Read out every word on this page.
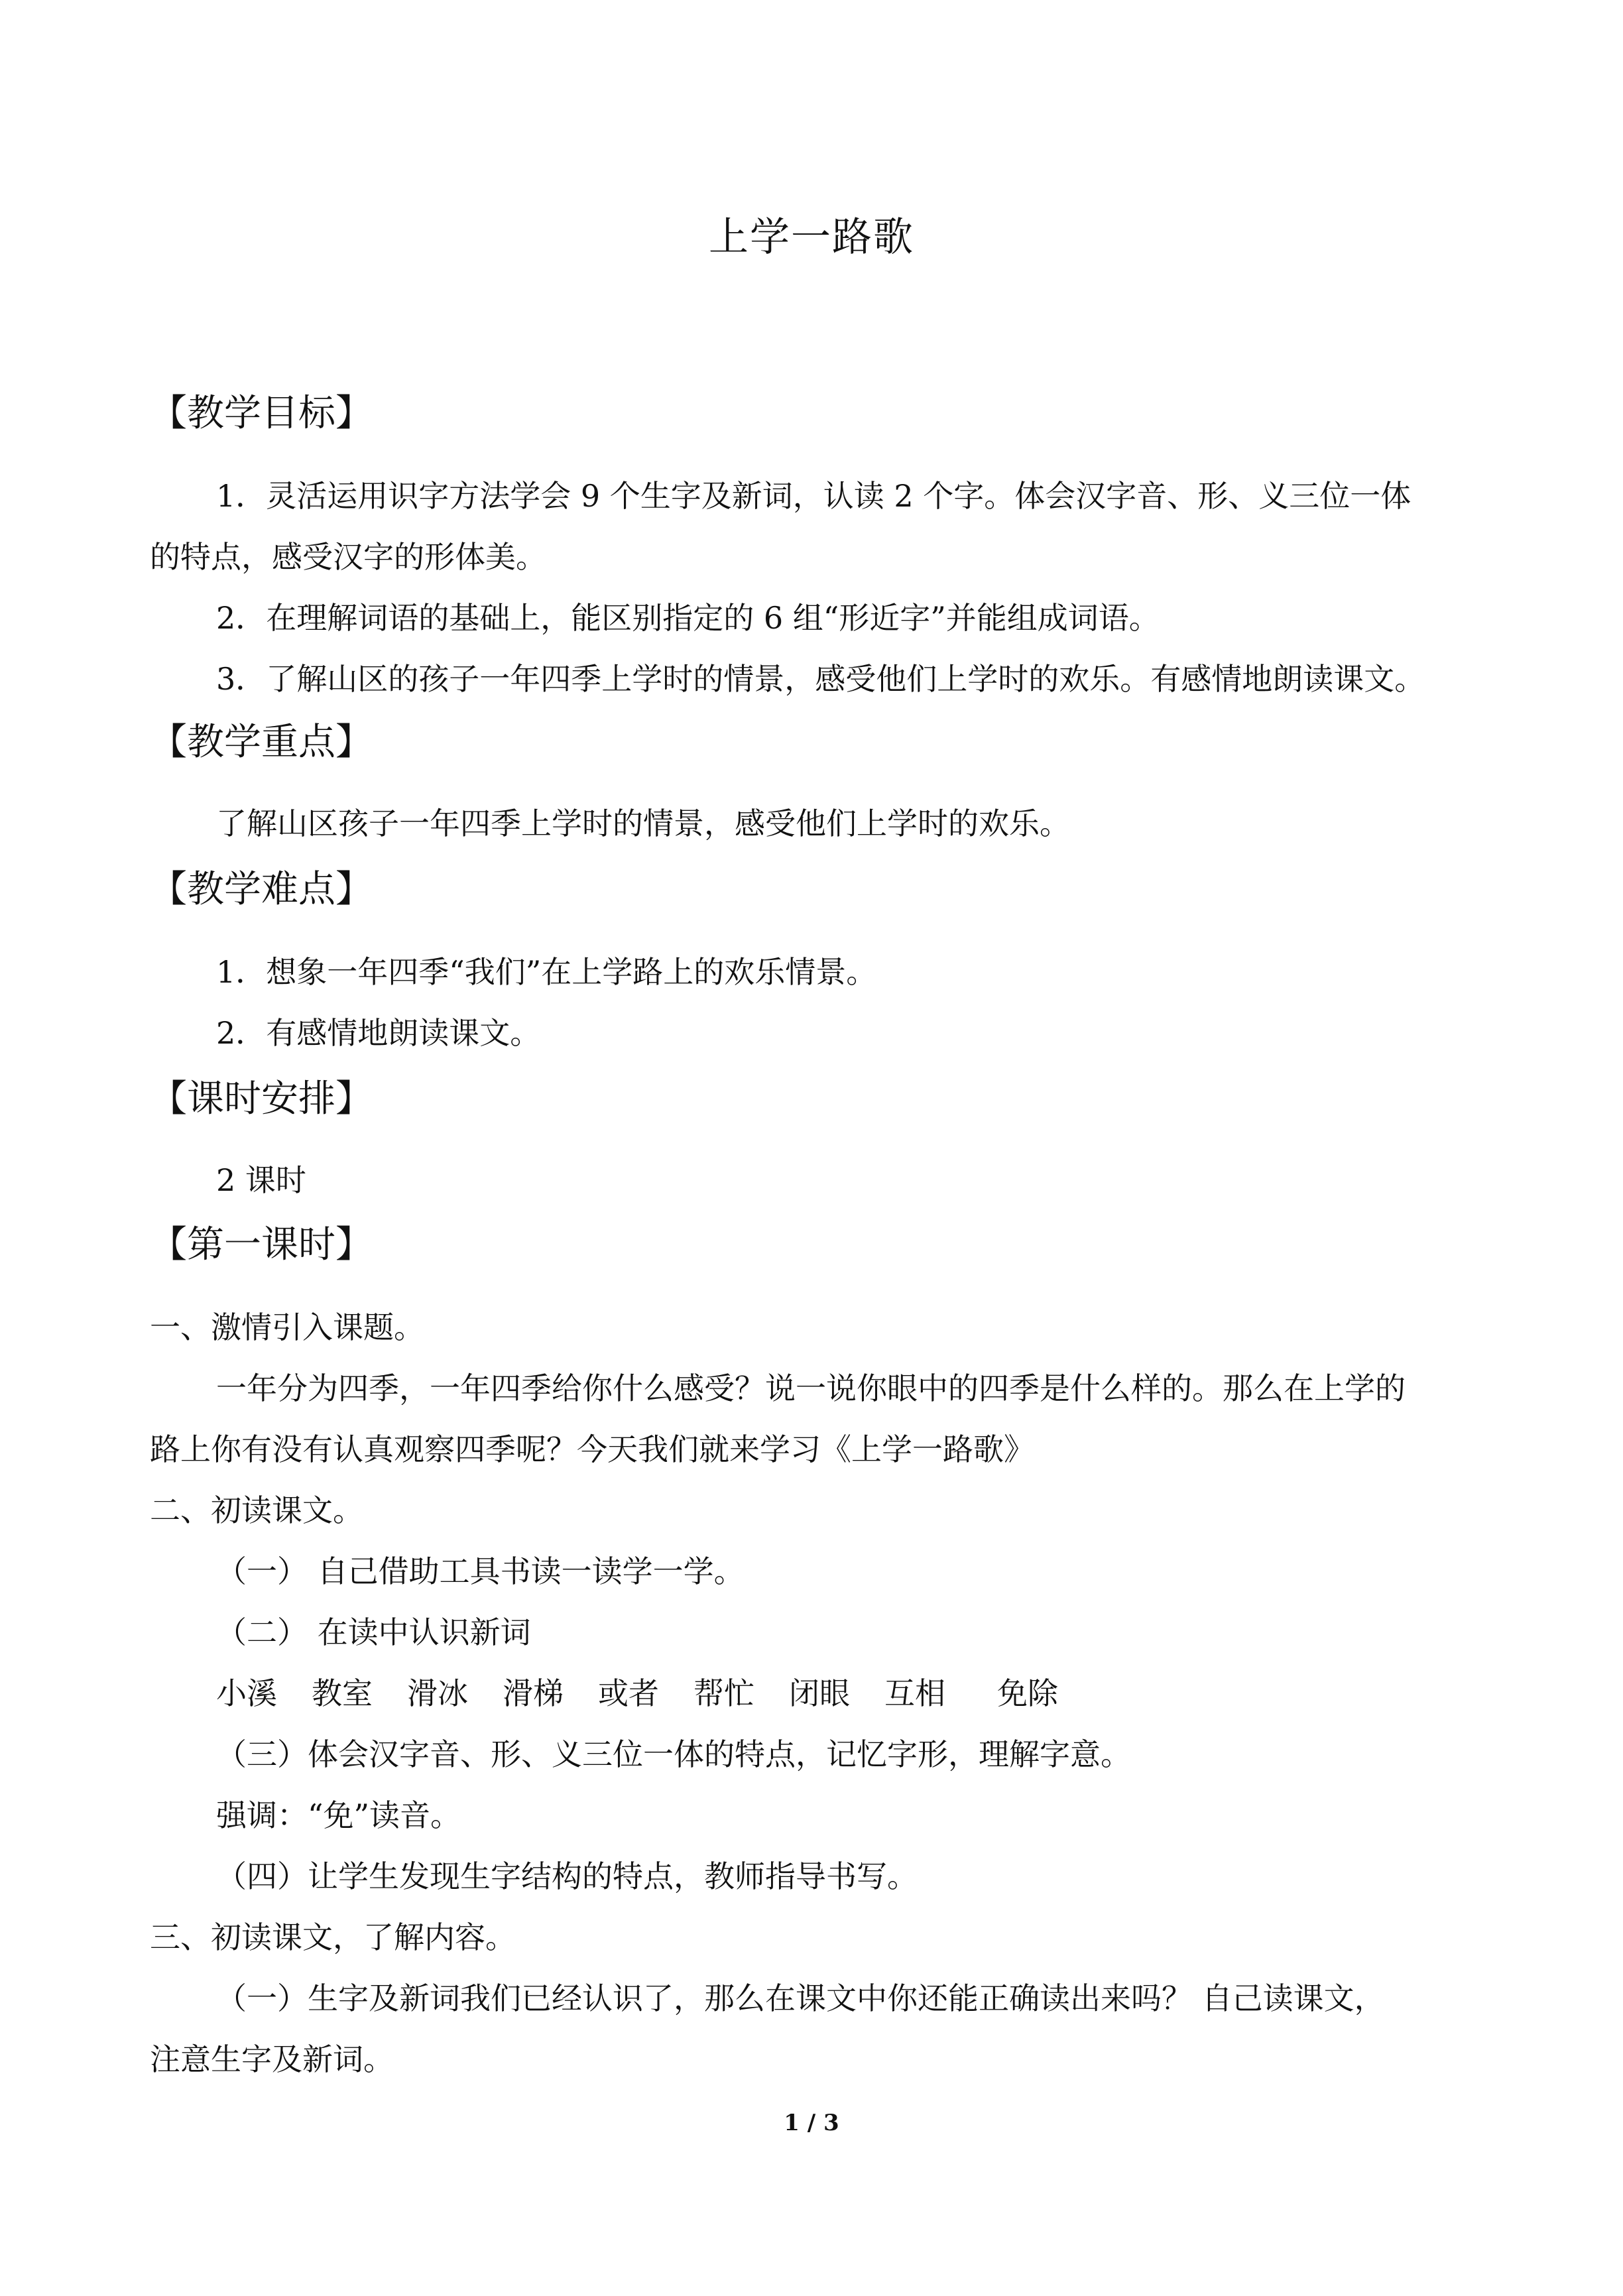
上学一路歌
【教学目标】
1．灵活运用识字方法学会 9 个生字及新词，认读 2 个字。体会汉字音、形、义三位一体
的特点，感受汉字的形体美。
2．在理解词语的基础上，能区别指定的 6 组“形近字”并能组成词语。
3．了解山区的孩子一年四季上学时的情景，感受他们上学时的欢乐。有感情地朗读课文。
【教学重点】
了解山区孩子一年四季上学时的情景，感受他们上学时的欢乐。
【教学难点】
1．想象一年四季“我们”在上学路上的欢乐情景。
2．有感情地朗读课文。
【课时安排】
2 课时
【第一课时】
一、激情引入课题。
一年分为四季，一年四季给你什么感受？说一说你眼中的四季是什么样的。那么在上学的
路上你有没有认真观察四季呢？今天我们就来学习《上学一路歌》
二、初读课文。
（一） 自己借助工具书读一读学一学。
（二） 在读中认识新词
小溪 教室 滑冰 滑梯 或者 帮忙 闭眼 互相 免除
（三）体会汉字音、形、义三位一体的特点，记忆字形，理解字意。
强调：“免”读音。
（四）让学生发现生字结构的特点，教师指导书写。
三、初读课文，了解内容。
（一）生字及新词我们已经认识了，那么在课文中你还能正确读出来吗？ 自己读课文，
注意生字及新词。
1 / 3
